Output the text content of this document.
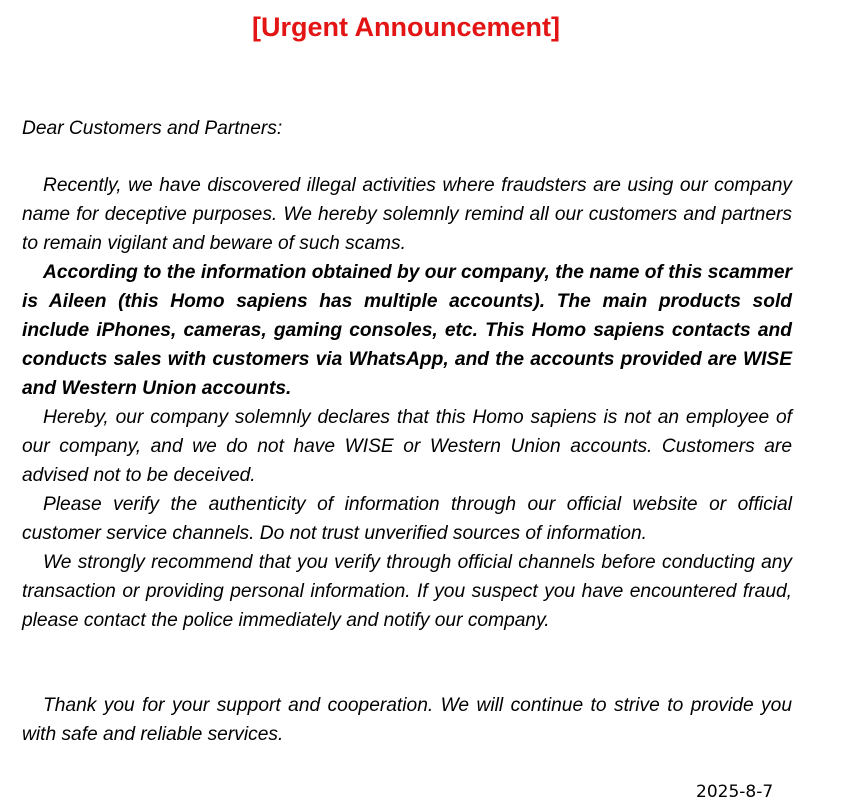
[Urgent Announcement]

Dear Customers and Partners:

Recently, we have discovered illegal activities where fraudsters are using our company name for deceptive purposes. We hereby solemnly remind all our customers and partners to remain vigilant and beware of such scams.

According to the information obtained by our company, the name of this scammer is Aileen (this Homo sapiens has multiple accounts). The main products sold include iPhones, cameras, gaming consoles, etc. This Homo sapiens contacts and conducts sales with customers via WhatsApp, and the accounts provided are WISE and Western Union accounts.

Hereby, our company solemnly declares that this Homo sapiens is not an employee of our company, and we do not have WISE or Western Union accounts. Customers are advised not to be deceived.

Please verify the authenticity of information through our official website or official customer service channels. Do not trust unverified sources of information.

We strongly recommend that you verify through official channels before conducting any transaction or providing personal information. If you suspect you have encountered fraud, please contact the police immediately and notify our company.

Thank you for your support and cooperation. We will continue to strive to provide you with safe and reliable services.

2025-8-7
